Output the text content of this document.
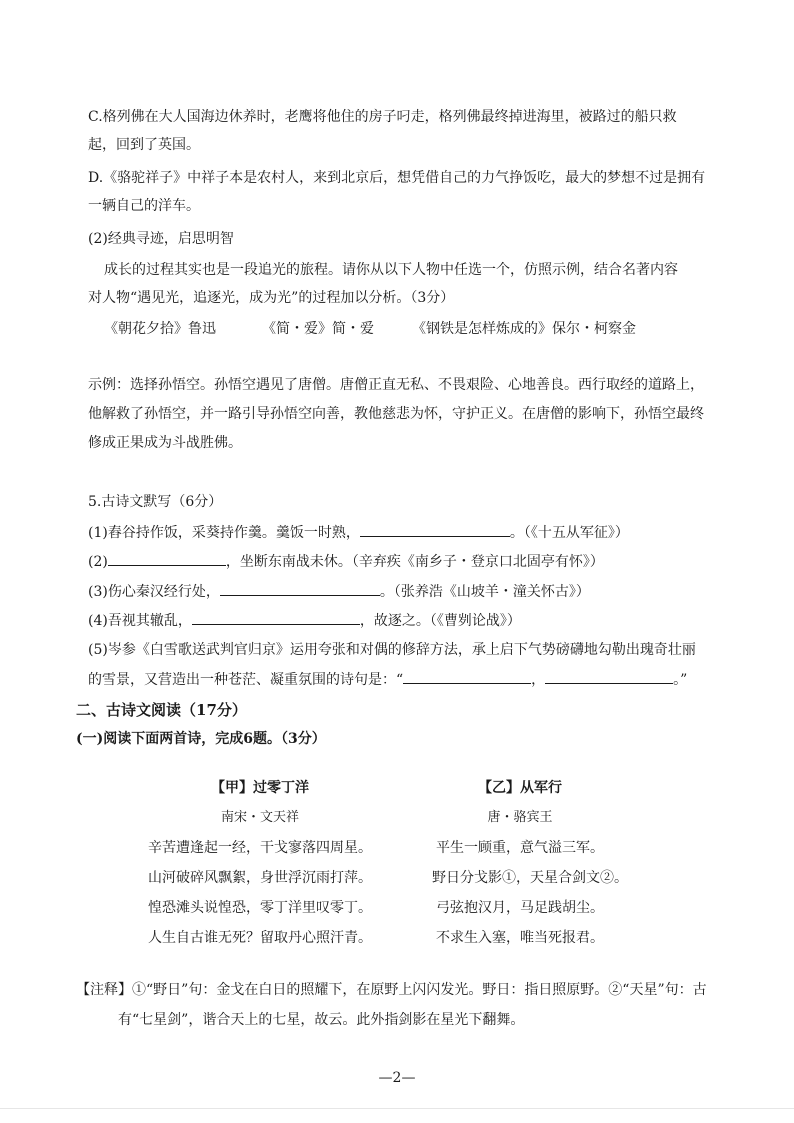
C.格列佛在大人国海边休养时，老鹰将他住的房子叼走，格列佛最终掉进海里，被路过的船只救
起，回到了英国。
D.《骆驼祥子》中祥子本是农村人，来到北京后，想凭借自己的力气挣饭吃，最大的梦想不过是拥有
一辆自己的洋车。
(2)经典寻迹，启思明智
成长的过程其实也是一段追光的旅程。请你从以下人物中任选一个，仿照示例，结合名著内容
对人物“遇见光，追逐光，成为光”的过程加以分析。（3分）
《朝花夕拾》鲁迅	《简・爱》简・爱	《钢铁是怎样炼成的》保尔・柯察金
示例：选择孙悟空。孙悟空遇见了唐僧。唐僧正直无私、不畏艰险、心地善良。西行取经的道路上，
他解救了孙悟空，并一路引导孙悟空向善，教他慈悲为怀，守护正义。在唐僧的影响下，孙悟空最终
修成正果成为斗战胜佛。
5.古诗文默写（6分）
(1)舂谷持作饭，采葵持作羹。羹饭一时熟，	。（《十五从军征》）
(2)	，坐断东南战未休。（辛弃疾《南乡子・登京口北固亭有怀》）
(3)伤心秦汉经行处，	。（张养浩《山坡羊・潼关怀古》）
(4)吾视其辙乱，	，故逐之。（《曹刿论战》）
(5)岑参《白雪歌送武判官归京》运用夸张和对偶的修辞方法，承上启下气势磅礴地勾勒出瑰奇壮丽
的雪景，又营造出一种苍茫、凝重氛围的诗句是：“	，	。”
二、古诗文阅读（17分）
(一)阅读下面两首诗，完成6题。（3分）
【甲】过零丁洋
南宋・文天祥
辛苦遭逢起一经，干戈寥落四周星。
山河破碎风飘絮，身世浮沉雨打萍。
惶恐滩头说惶恐，零丁洋里叹零丁。
人生自古谁无死？留取丹心照汗青。
【乙】从军行
唐・骆宾王
平生一顾重，意气溢三军。
野日分戈影①，天星合剑文②。
弓弦抱汉月，马足践胡尘。
不求生入塞，唯当死报君。
【注释】①“野日”句：金戈在白日的照耀下，在原野上闪闪发光。野日：指日照原野。②“天星”句：古
有“七星剑”，谐合天上的七星，故云。此外指剑影在星光下翻舞。
—2—
